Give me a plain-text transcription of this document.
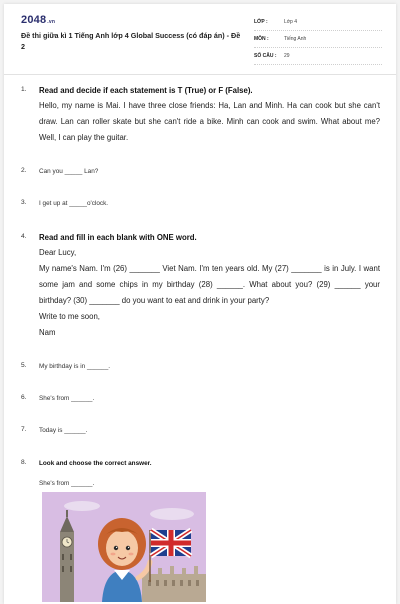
2048.vn
Đề thi giữa kì 1 Tiếng Anh lớp 4 Global Success (có đáp án) - Đề 2
LỚP :	Lớp 4
MÔN :	Tiếng Anh
SỐ CÂU : 29
1. Read and decide if each statement is T (True) or F (False).
Hello, my name is Mai. I have three close friends: Ha, Lan and Minh. Ha can cook but she can't draw. Lan can roller skate but she can't ride a bike. Minh can cook and swim. What about me? Well, I can play the guitar.
2. Can you _____ Lan?
3. I get up at _____o'clock.
4. Read and fill in each blank with ONE word.
Dear Lucy,
My name's Nam. I'm (26) _______ Viet Nam. I'm ten years old. My (27) _______ is in July. I want some jam and some chips in my birthday (28) ______. What about you? (29) ______ your birthday? (30) _______ do you want to eat and drink in your party?
Write to me soon,
Nam
5. My birthday is in ______.
6. She's from ______.
7. Today is ______.
8. Look and choose the correct answer.
She's from ______.
